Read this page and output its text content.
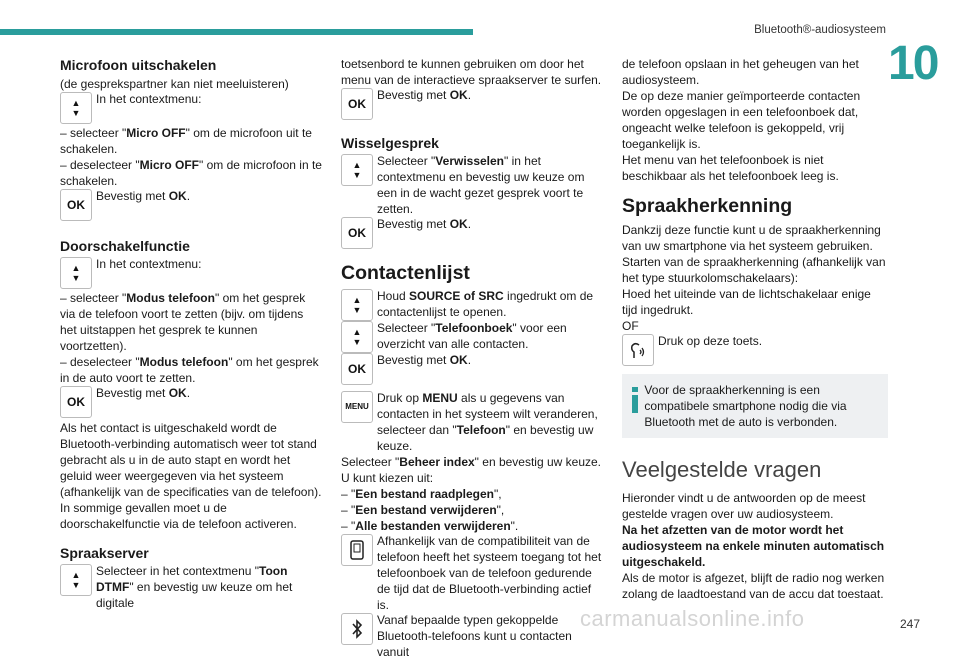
Bluetooth®-audiosysteem
10
Microfoon uitschakelen

(de gesprekspartner kan niet meeluisteren)

▲
▼

In het contextmenu:

– selecteer "Micro OFF" om de microfoon uit te schakelen.

– deselecteer "Micro OFF" om de microfoon in te schakelen.

OK

Bevestig met OK.

Doorschakelfunctie
▲
▼

In het contextmenu:

– selecteer "Modus telefoon" om het gesprek via de telefoon voort te zetten (bijv. om tijdens het uitstappen het gesprek te kunnen voortzetten).

– deselecteer "Modus telefoon" om het gesprek in de auto voort te zetten.

OK

Bevestig met OK.

Als het contact is uitgeschakeld wordt de Bluetooth-verbinding automatisch weer tot stand gebracht als u in de auto stapt en wordt het geluid weer weergegeven via het systeem (afhankelijk van de specificaties van de telefoon).

In sommige gevallen moet u de doorschakelfunctie via de telefoon activeren.

Spraakserver
▲
▼

Selecteer in het contextmenu "Toon DTMF" en bevestig uw keuze om het digitale

toetsenbord te kunnen gebruiken om door het menu van de interactieve spraakserver te surfen.

OK

Bevestig met OK.

Wisselgesprek
▲
▼

Selecteer "Verwisselen" in het contextmenu en bevestig uw keuze om een in de wacht gezet gesprek voort te zetten.

OK

Bevestig met OK.

Contactenlijst
▲
▼

Houd SOURCE of SRC ingedrukt om de contactenlijst te openen.

▲
▼

Selecteer "Telefoonboek" voor een overzicht van alle contacten.

OK

Bevestig met OK.

MENU

Druk op MENU als u gegevens van contacten in het systeem wilt veranderen, selecteer dan "Telefoon" en bevestig uw keuze.

Selecteer "Beheer index" en bevestig uw keuze.

U kunt kiezen uit:

– "Een bestand raadplegen",

– "Een bestand verwijderen",

– "Alle bestanden verwijderen".

Afhankelijk van de compatibiliteit van de telefoon heeft het systeem toegang tot het telefoonboek van de telefoon gedurende de tijd dat de Bluetooth-verbinding actief is.

Vanaf bepaalde typen gekoppelde Bluetooth-telefoons kunt u contacten vanuit

de telefoon opslaan in het geheugen van het audiosysteem.

De op deze manier geïmporteerde contacten worden opgeslagen in een telefoonboek dat, ongeacht welke telefoon is gekoppeld, vrij toegankelijk is.

Het menu van het telefoonboek is niet beschikbaar als het telefoonboek leeg is.

Spraakherkenning

Dankzij deze functie kunt u de spraakherkenning van uw smartphone via het systeem gebruiken.

Starten van de spraakherkenning (afhankelijk van het type stuurkolomschakelaars):

Hoed het uiteinde van de lichtschakelaar enige tijd ingedrukt.

OF

Druk op deze toets.

Voor de spraakherkenning is een compatibele smartphone nodig die via Bluetooth met de auto is verbonden.

Veelgestelde vragen

Hieronder vindt u de antwoorden op de meest gestelde vragen over uw audiosysteem.

Na het afzetten van de motor wordt het audiosysteem na enkele minuten automatisch uitgeschakeld.

Als de motor is afgezet, blijft de radio nog werken zolang de laadtoestand van de accu dat toestaat.

carmanualsonline.info	247
